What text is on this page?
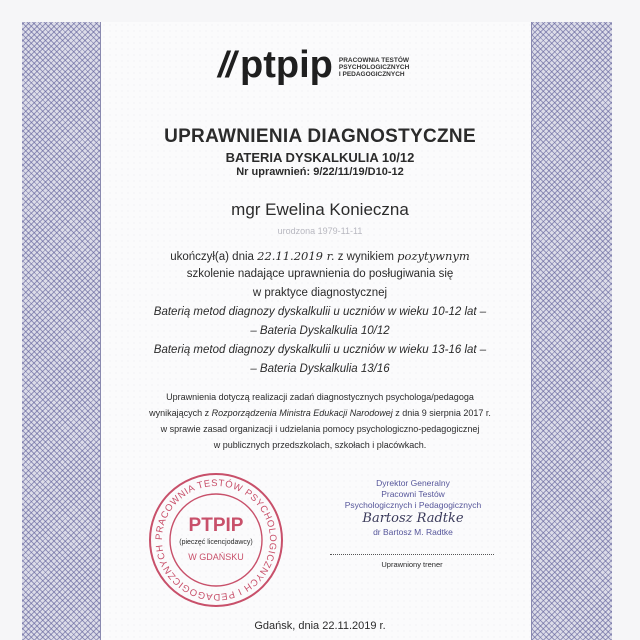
// ptpip PRACOWNIA TESTÓW
PSYCHOLOGICZNYCH
I PEDAGOGICZNYCH
UPRAWNIENIA DIAGNOSTYCZNE
BATERIA DYSKALKULIA 10/12
Nr uprawnień: 9/22/11/19/D10-12
mgr Ewelina Konieczna
urodzona 1979-11-11
ukończył(a) dnia 22.11.2019 r. z wynikiem pozytywnym
szkolenie nadające uprawnienia do posługiwania się
w praktyce diagnostycznej
Baterią metod diagnozy dyskalkulii u uczniów w wieku 10-12 lat –
– Bateria Dyskalkulia 10/12
Baterią metod diagnozy dyskalkulii u uczniów w wieku 13-16 lat –
– Bateria Dyskalkulia 13/16
Uprawnienia dotyczą realizacji zadań diagnostycznych psychologa/pedagoga
wynikających z Rozporządzenia Ministra Edukacji Narodowej z dnia 9 sierpnia 2017 r.
w sprawie zasad organizacji i udzielania pomocy psychologiczno-pedagogicznej
w publicznych przedszkolach, szkołach i placówkach.
PRACOWNIA TESTÓW PSYCHOLOGICZNYCH I PEDAGOGICZNYCH
PTPIP
(pieczęć licencjodawcy)
W GDAŃSKU
Dyrektor Generalny
Pracowni Testów
Psychologicznych i Pedagogicznych
Bartosz Radtke
dr Bartosz M. Radtke
Uprawniony trener
Gdańsk, dnia 22.11.2019 r.
